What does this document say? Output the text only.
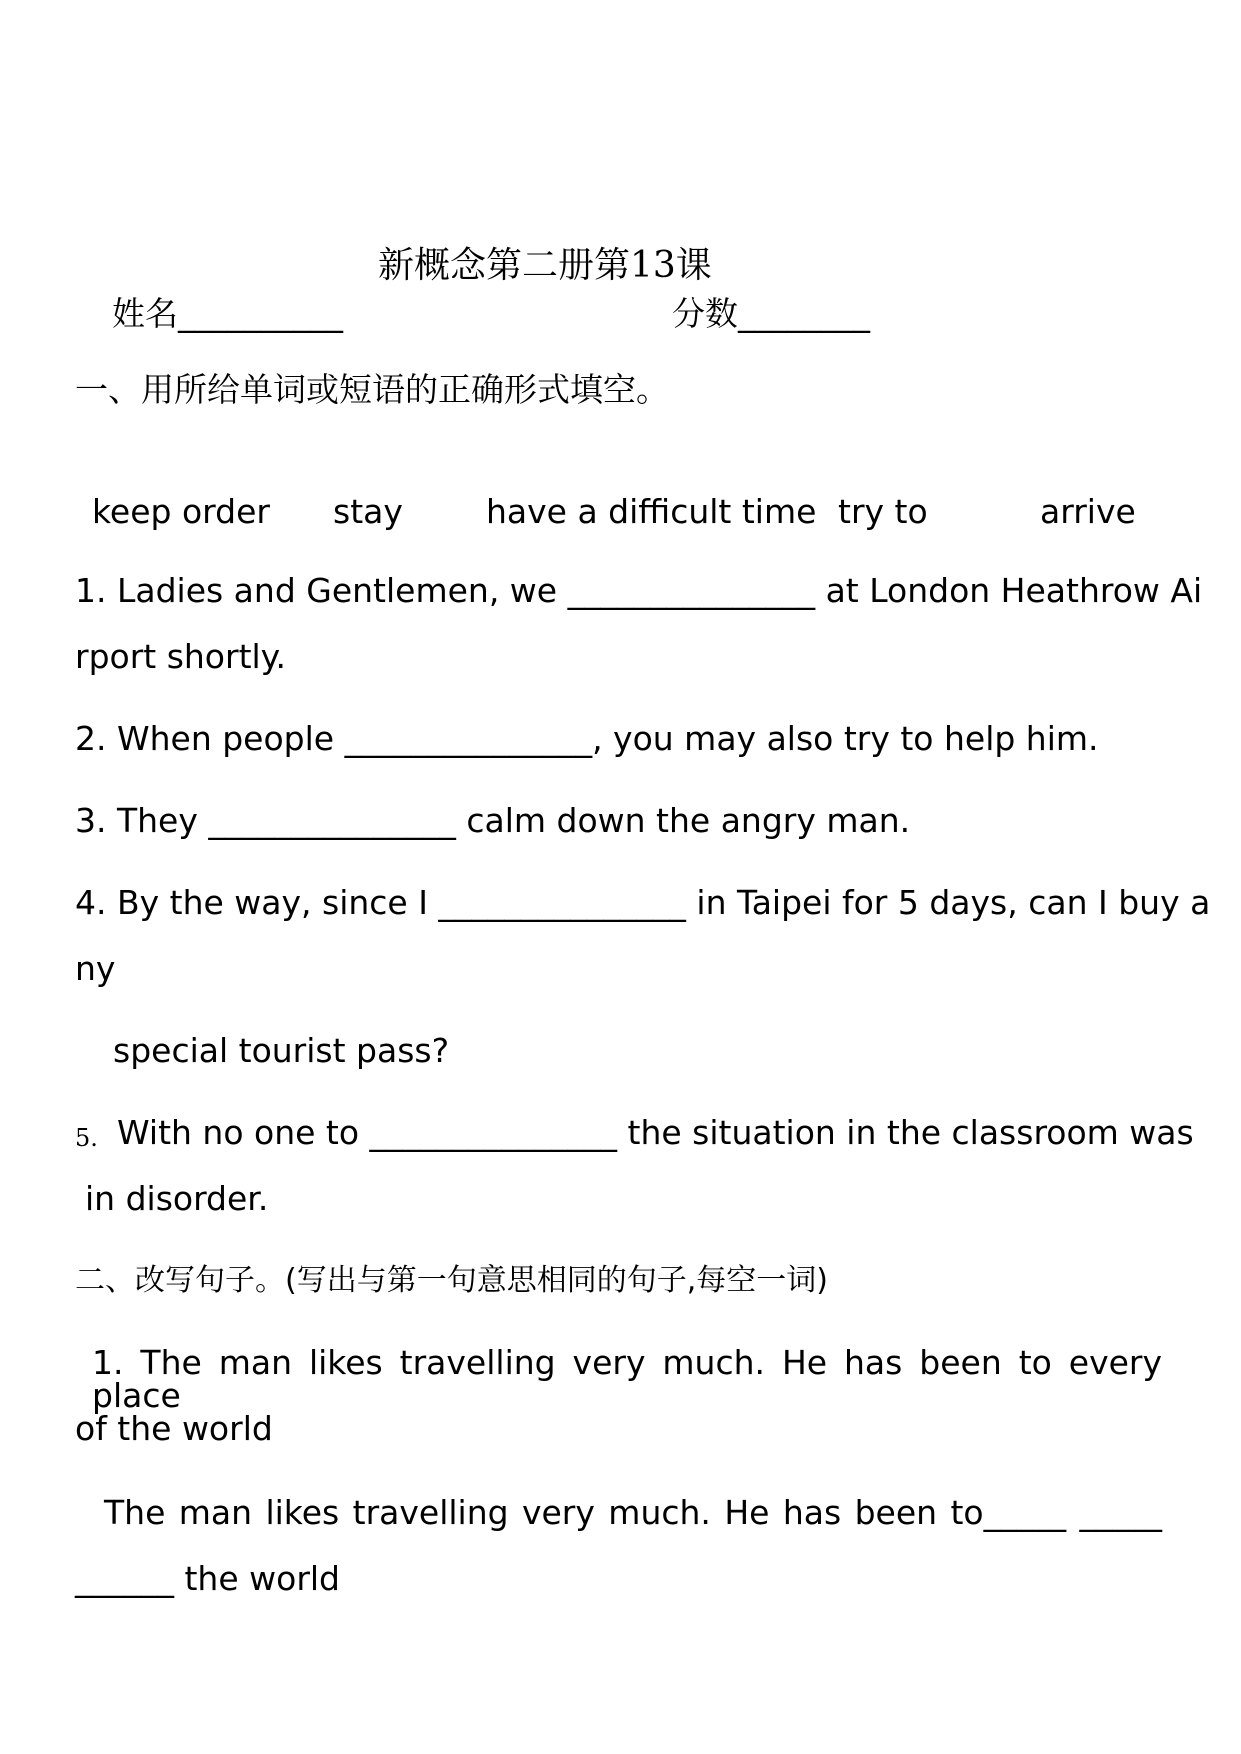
新概念第二册第13课
姓名__________	分数________
一、用所给单词或短语的正确形式填空。
keep order stay	have a difficult time try to	arrive
1. Ladies and Gentlemen, we _______________ at London Heathrow Ai
rport shortly.
2. When people _______________, you may also try to help him.
3. They _______________ calm down the angry man.
4. By the way, since I _______________ in Taipei for 5 days, can I buy a
ny
special tourist pass?
5. With no one to _______________ the situation in the classroom was
in disorder.
二、改写句子。(写出与第一句意思相同的句子,每空一词)
1. The man likes travelling very much. He has been to every place
of the world
The man likes travelling very much. He has been to_____ _____
______ the world
